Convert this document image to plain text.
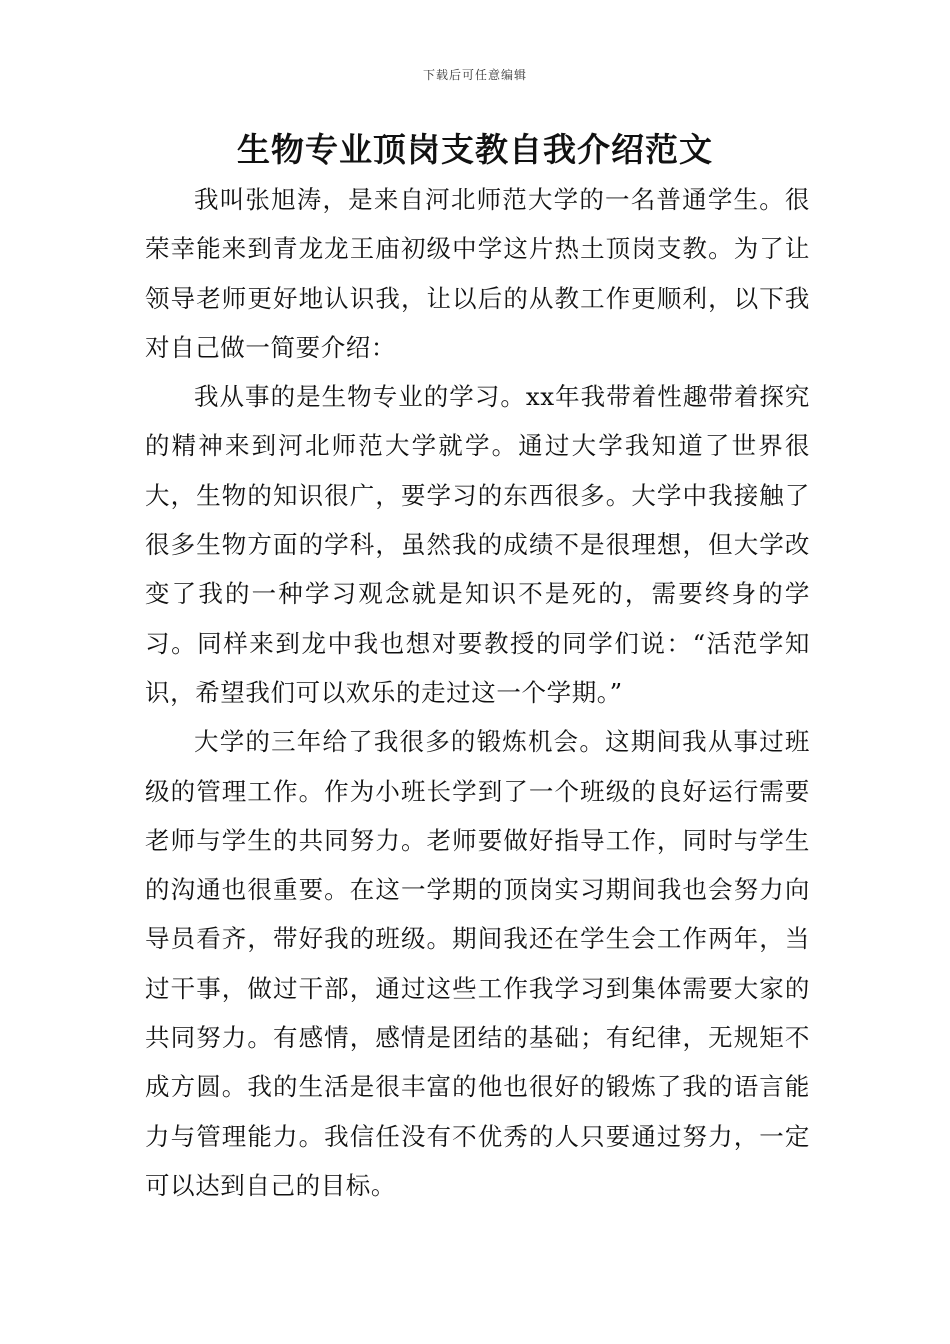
下载后可任意编辑
生物专业顶岗支教自我介绍范文

我叫张旭涛，是来自河北师范大学的一名普通学生。很荣幸能来到青龙龙王庙初级中学这片热土顶岗支教。为了让领导老师更好地认识我，让以后的从教工作更顺利，以下我对自己做一简要介绍：

我从事的是生物专业的学习。xx年我带着性趣带着探究的精神来到河北师范大学就学。通过大学我知道了世界很大，生物的知识很广，要学习的东西很多。大学中我接触了很多生物方面的学科，虽然我的成绩不是很理想，但大学改变了我的一种学习观念就是知识不是死的，需要终身的学习。同样来到龙中我也想对要教授的同学们说：“活范学知识，希望我们可以欢乐的走过这一个学期。”

大学的三年给了我很多的锻炼机会。这期间我从事过班级的管理工作。作为小班长学到了一个班级的良好运行需要老师与学生的共同努力。老师要做好指导工作，同时与学生的沟通也很重要。在这一学期的顶岗实习期间我也会努力向导员看齐，带好我的班级。期间我还在学生会工作两年，当过干事，做过干部，通过这些工作我学习到集体需要大家的共同努力。有感情，感情是团结的基础；有纪律，无规矩不成方圆。我的生活是很丰富的他也很好的锻炼了我的语言能力与管理能力。我信任没有不优秀的人只要通过努力，一定可以达到自己的目标。
